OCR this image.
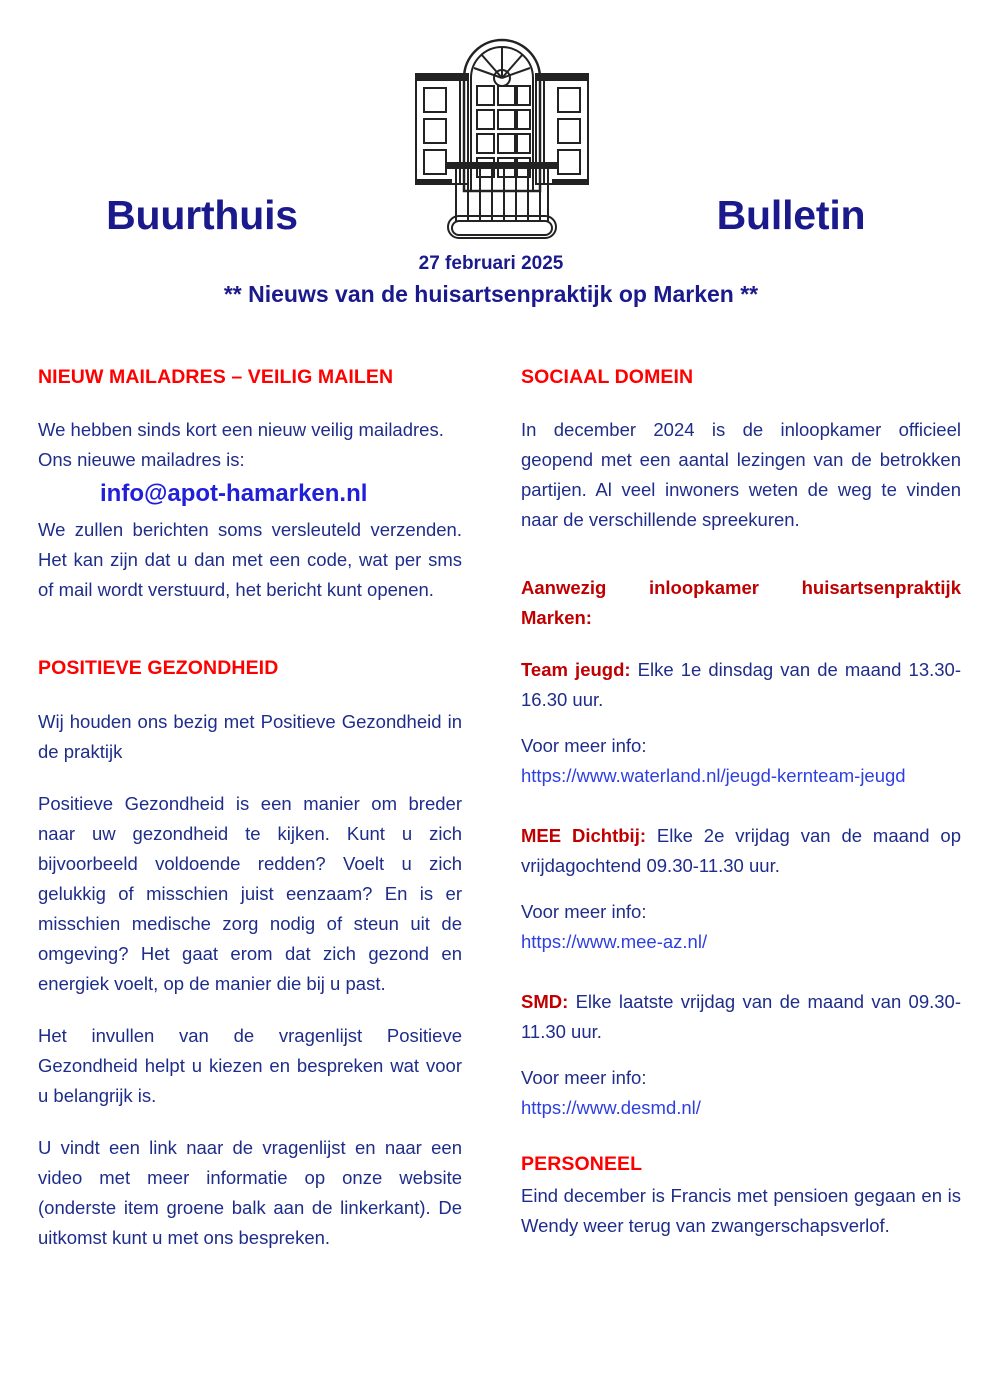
Buurthuis	Bulletin
27 februari 2025
** Nieuws van de huisartsenpraktijk op Marken **
NIEUW MAILADRES – VEILIG MAILEN

We hebben sinds kort een nieuw veilig mailadres.

Ons nieuwe mailadres is:

info@apot-hamarken.nl

We zullen berichten soms versleuteld verzenden. Het kan zijn dat u dan met een code, wat per sms of mail wordt verstuurd, het bericht kunt openen.

POSITIEVE GEZONDHEID

Wij houden ons bezig met Positieve Gezondheid in de praktijk

Positieve Gezondheid is een manier om breder naar uw gezondheid te kijken. Kunt u zich bijvoorbeeld voldoende redden? Voelt u zich gelukkig of misschien juist eenzaam? En is er misschien medische zorg nodig of steun uit de omgeving? Het gaat erom dat zich gezond en energiek voelt, op de manier die bij u past.

Het invullen van de vragenlijst Positieve Gezondheid helpt u kiezen en bespreken wat voor u belangrijk is.

U vindt een link naar de vragenlijst en naar een video met meer informatie op onze website (onderste item groene balk aan de linkerkant). De uitkomst kunt u met ons bespreken.

SOCIAAL DOMEIN

In december 2024 is de inloopkamer officieel geopend met een aantal lezingen van de betrokken partijen. Al veel inwoners weten de weg te vinden naar de verschillende spreekuren.

Aanwezig inloopkamer huisartsenpraktijk Marken:

Team jeugd: Elke 1e dinsdag van de maand 13.30-16.30 uur.

Voor meer info:
https://www.waterland.nl/jeugd-kernteam-jeugd

MEE Dichtbij: Elke 2e vrijdag van de maand op vrijdagochtend 09.30-11.30 uur.

Voor meer info:
https://www.mee-az.nl/

SMD: Elke laatste vrijdag van de maand van 09.30-11.30 uur.

Voor meer info:
https://www.desmd.nl/

PERSONEEL

Eind december is Francis met pensioen gegaan en is Wendy weer terug van zwangerschapsverlof.
